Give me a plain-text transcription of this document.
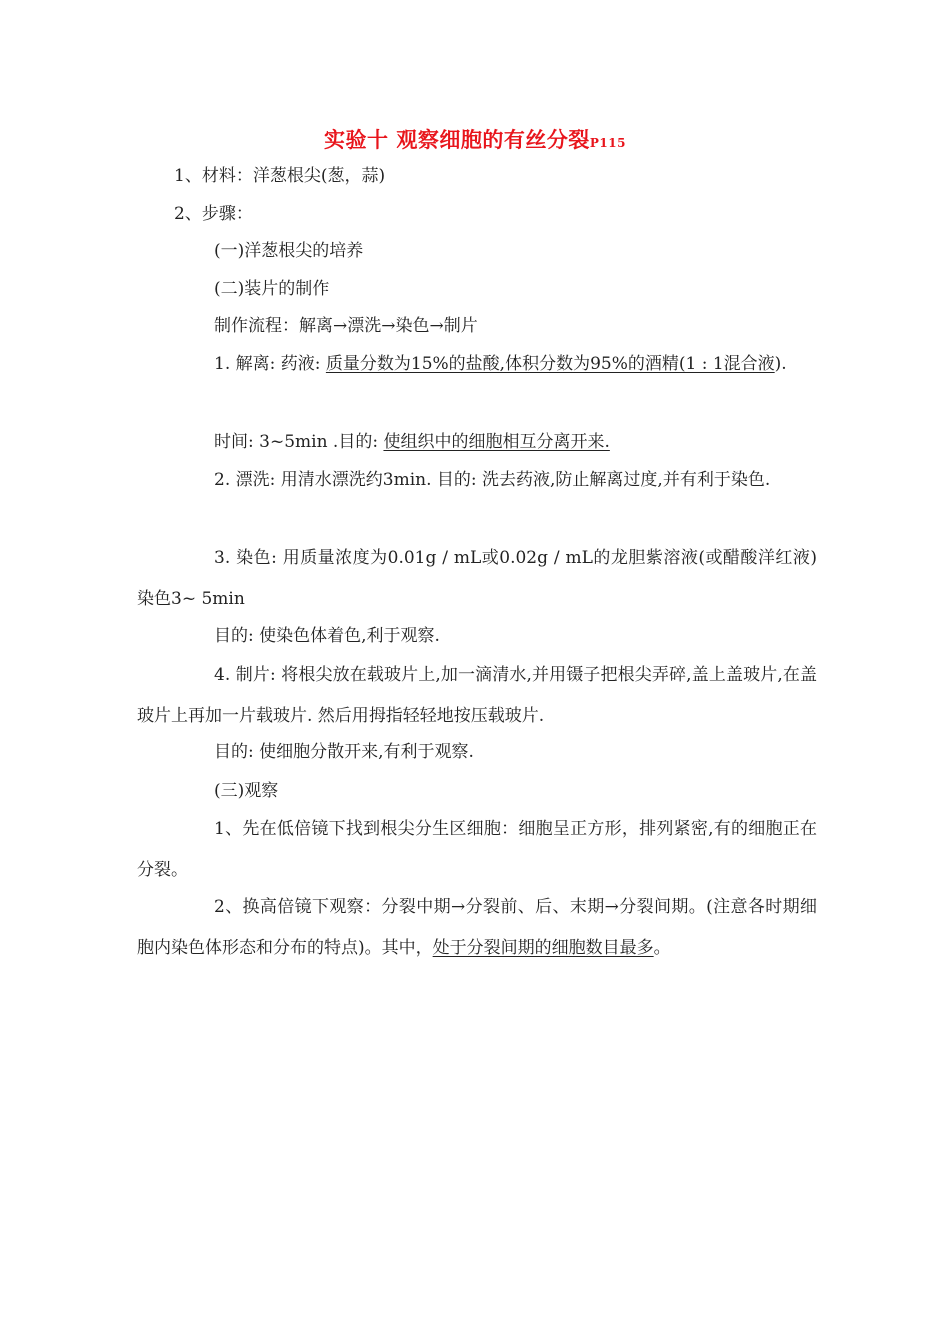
实验十 观察细胞的有丝分裂P115
1、材料：洋葱根尖(葱，蒜)
2、步骤：
(一)洋葱根尖的培养
(二)装片的制作
制作流程：解离→漂洗→染色→制片
1. 解离: 药液: 质量分数为15%的盐酸,体积分数为95%的酒精(1 : 1混合液).
时间: 3~5min .目的: 使组织中的细胞相互分离开来.
2. 漂洗: 用清水漂洗约3min. 目的: 洗去药液,防止解离过度,并有利于染色.
3. 染色: 用质量浓度为0.01g / mL或0.02g / mL的龙胆紫溶液(或醋酸洋红液)染色3~ 5min
目的: 使染色体着色,利于观察.
4. 制片: 将根尖放在载玻片上,加一滴清水,并用镊子把根尖弄碎,盖上盖玻片,在盖玻片上再加一片载玻片. 然后用拇指轻轻地按压载玻片.
目的: 使细胞分散开来,有利于观察.
(三)观察
1、先在低倍镜下找到根尖分生区细胞：细胞呈正方形，排列紧密,有的细胞正在分裂。
2、换高倍镜下观察：分裂中期→分裂前、后、末期→分裂间期。(注意各时期细胞内染色体形态和分布的特点)。其中，处于分裂间期的细胞数目最多。
